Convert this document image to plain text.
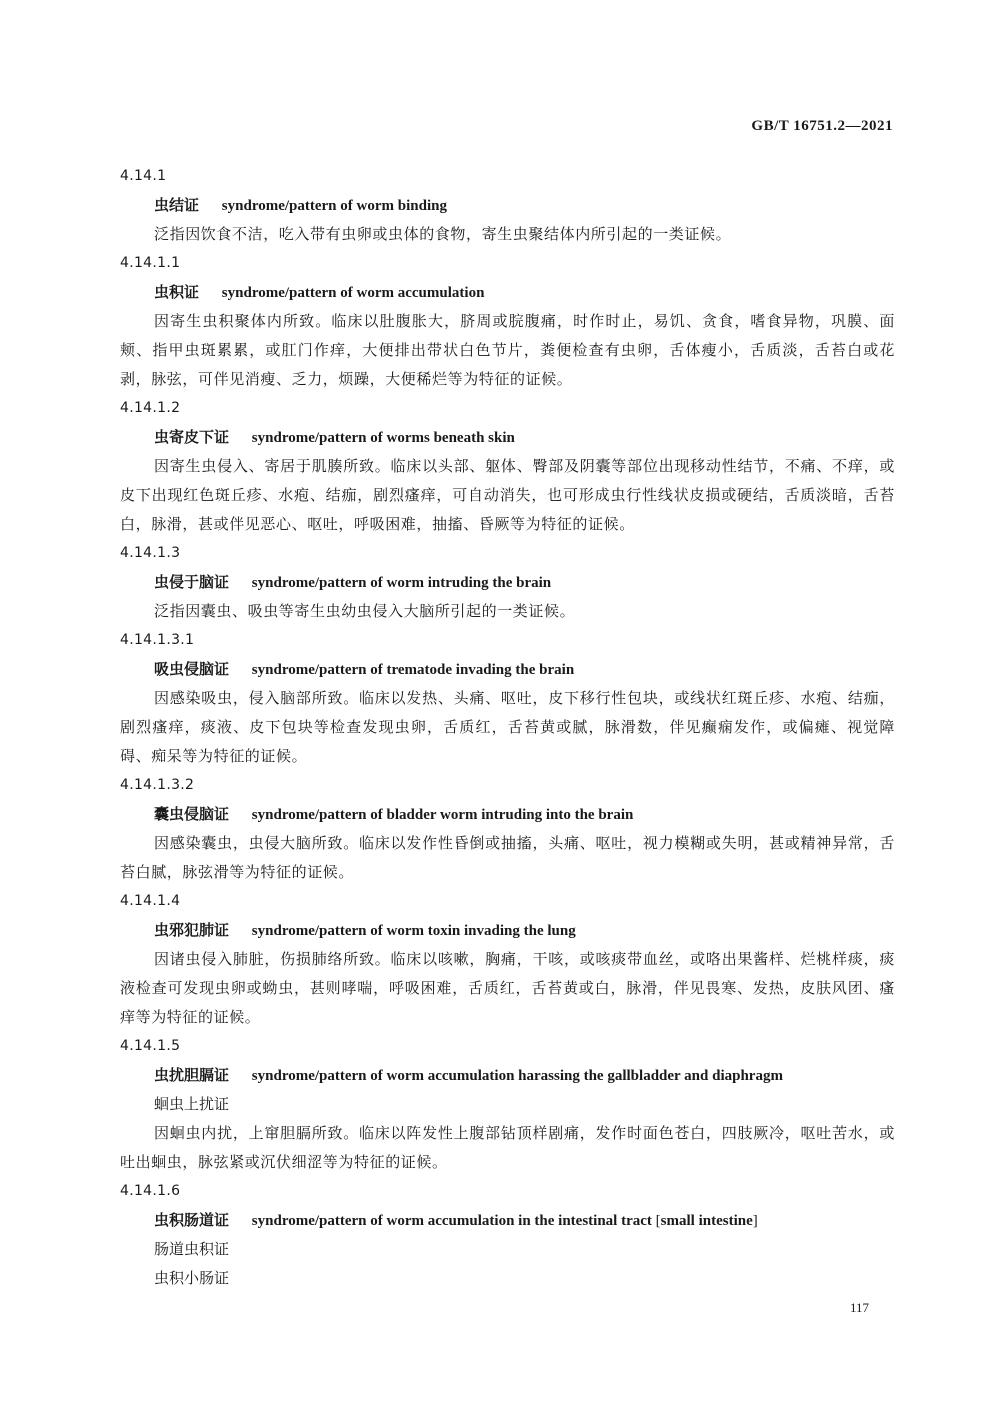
GB/T 16751.2—2021
4.14.1
虫结证 syndrome/pattern of worm binding

泛指因饮食不洁，吃入带有虫卵或虫体的食物，寄生虫聚结体内所引起的一类证候。

4.14.1.1
虫积证 syndrome/pattern of worm accumulation

因寄生虫积聚体内所致。临床以肚腹胀大，脐周或脘腹痛，时作时止，易饥、贪食，嗜食异物，巩膜、面颊、指甲虫斑累累，或肛门作痒，大便排出带状白色节片，粪便检查有虫卵，舌体瘦小，舌质淡，舌苔白或花剥，脉弦，可伴见消瘦、乏力，烦躁，大便稀烂等为特征的证候。

4.14.1.2
虫寄皮下证 syndrome/pattern of worms beneath skin

因寄生虫侵入、寄居于肌腠所致。临床以头部、躯体、臀部及阴囊等部位出现移动性结节，不痛、不痒，或皮下出现红色斑丘疹、水疱、结痂，剧烈瘙痒，可自动消失，也可形成虫行性线状皮损或硬结，舌质淡暗，舌苔白，脉滑，甚或伴见恶心、呕吐，呼吸困难，抽搐、昏厥等为特征的证候。

4.14.1.3
虫侵于脑证 syndrome/pattern of worm intruding the brain

泛指因囊虫、吸虫等寄生虫幼虫侵入大脑所引起的一类证候。

4.14.1.3.1
吸虫侵脑证 syndrome/pattern of trematode invading the brain

因感染吸虫，侵入脑部所致。临床以发热、头痛、呕吐，皮下移行性包块，或线状红斑丘疹、水疱、结痂，剧烈瘙痒，痰液、皮下包块等检查发现虫卵，舌质红，舌苔黄或腻，脉滑数，伴见癫痫发作，或偏瘫、视觉障碍、痴呆等为特征的证候。

4.14.1.3.2
囊虫侵脑证 syndrome/pattern of bladder worm intruding into the brain

因感染囊虫，虫侵大脑所致。临床以发作性昏倒或抽搐，头痛、呕吐，视力模糊或失明，甚或精神异常，舌苔白腻，脉弦滑等为特征的证候。

4.14.1.4
虫邪犯肺证 syndrome/pattern of worm toxin invading the lung

因诸虫侵入肺脏，伤损肺络所致。临床以咳嗽，胸痛，干咳，或咳痰带血丝，或咯出果酱样、烂桃样痰，痰液检查可发现虫卵或蚴虫，甚则哮喘，呼吸困难，舌质红，舌苔黄或白，脉滑，伴见畏寒、发热，皮肤风团、瘙痒等为特征的证候。

4.14.1.5
虫扰胆膈证 syndrome/pattern of worm accumulation harassing the gallbladder and diaphragm
蛔虫上扰证

因蛔虫内扰，上窜胆膈所致。临床以阵发性上腹部钻顶样剧痛，发作时面色苍白，四肢厥冷，呕吐苦水，或吐出蛔虫，脉弦紧或沉伏细涩等为特征的证候。

4.14.1.6
虫积肠道证 syndrome/pattern of worm accumulation in the intestinal tract [small intestine]
肠道虫积证
虫积小肠证
117
